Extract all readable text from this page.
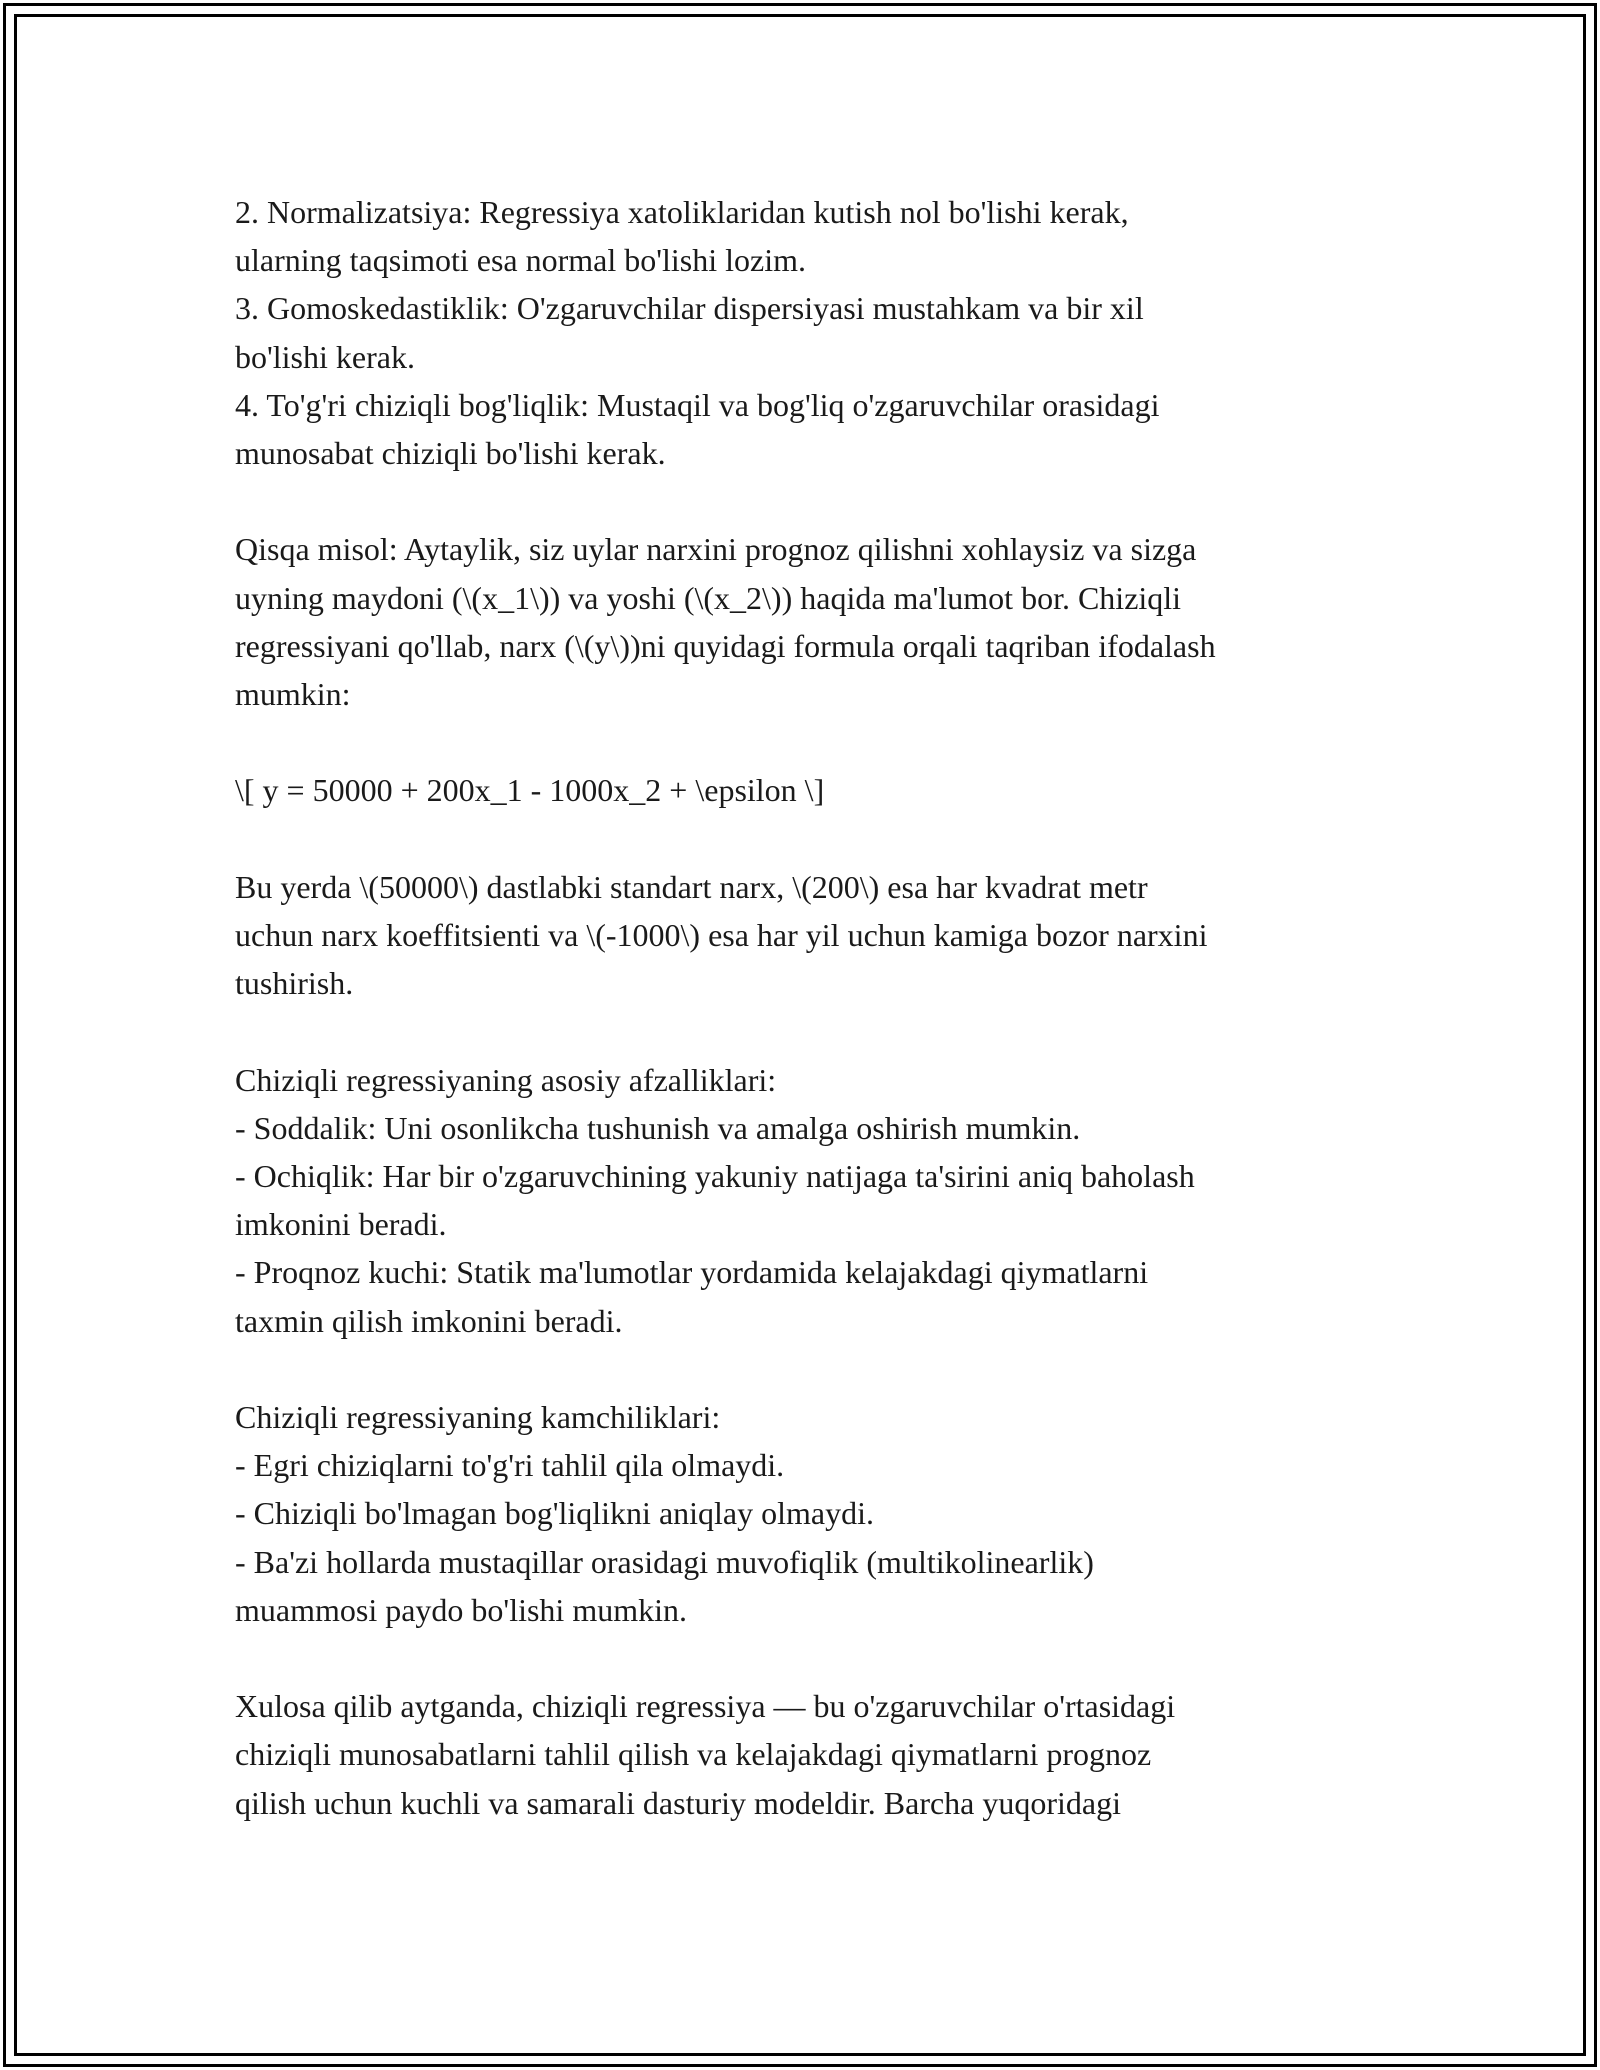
2. Normalizatsiya: Regressiya xatoliklaridan kutish nol bo'lishi kerak,

ularning taqsimoti esa normal bo'lishi lozim.

3. Gomoskedastiklik: O'zgaruvchilar dispersiyasi mustahkam va bir xil

bo'lishi kerak.

4. To'g'ri chiziqli bog'liqlik: Mustaqil va bog'liq o'zgaruvchilar orasidagi

munosabat chiziqli bo'lishi kerak.

Qisqa misol: Aytaylik, siz uylar narxini prognoz qilishni xohlaysiz va sizga

uyning maydoni (\(x_1\)) va yoshi (\(x_2\)) haqida ma'lumot bor. Chiziqli

regressiyani qo'llab, narx (\(y\))ni quyidagi formula orqali taqriban ifodalash

mumkin:

\[ y = 50000 + 200x_1 - 1000x_2 + \epsilon \]

Bu yerda \(50000\) dastlabki standart narx, \(200\) esa har kvadrat metr

uchun narx koeffitsienti va \(-1000\) esa har yil uchun kamiga bozor narxini

tushirish.

Chiziqli regressiyaning asosiy afzalliklari:

- Soddalik: Uni osonlikcha tushunish va amalga oshirish mumkin.

- Ochiqlik: Har bir o'zgaruvchining yakuniy natijaga ta'sirini aniq baholash

imkonini beradi.

- Proqnoz kuchi: Statik ma'lumotlar yordamida kelajakdagi qiymatlarni

taxmin qilish imkonini beradi.

Chiziqli regressiyaning kamchiliklari:

- Egri chiziqlarni to'g'ri tahlil qila olmaydi.

- Chiziqli bo'lmagan bog'liqlikni aniqlay olmaydi.

- Ba'zi hollarda mustaqillar orasidagi muvofiqlik (multikolinearlik)

muammosi paydo bo'lishi mumkin.

Xulosa qilib aytganda, chiziqli regressiya — bu o'zgaruvchilar o'rtasidagi

chiziqli munosabatlarni tahlil qilish va kelajakdagi qiymatlarni prognoz

qilish uchun kuchli va samarali dasturiy modeldir. Barcha yuqoridagi
